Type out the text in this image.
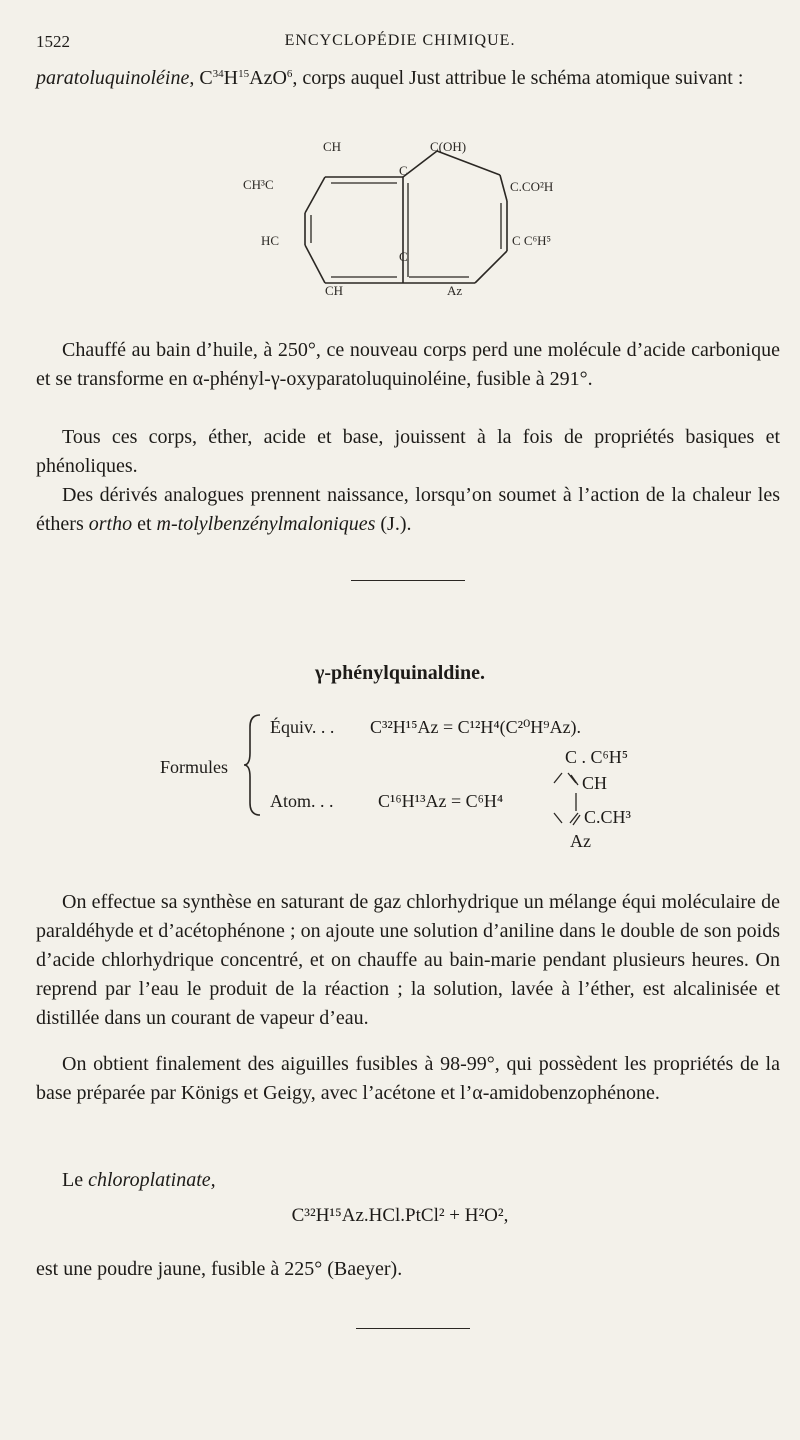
1522	ENCYCLOPÉDIE CHIMIQUE.
paratoluquinoléine, $C^{34}H^{15}AzO^6$, corps auquel Just attribue le schéma atomique suivant :
CH	C(OH)
C
CH³C
HC
C
CH	Az
C.CO²H
C C⁶H⁵
Chauffé au bain d’huile, à 250°, ce nouveau corps perd une molécule d’acide carbonique et se transforme en α-phényl-γ-oxyparatoluquinoléine, fusible à 291°.
Tous ces corps, éther, acide et base, jouissent à la fois de propriétés basiques et phénoliques.
Des dérivés analogues prennent naissance, lorsqu’on soumet à l’action de la chaleur les éthers ortho et m-tolylbenzénylmaloniques (J.).
γ-phénylquinaldine.
Formules
Équiv. . . C³²H¹⁵Az = C¹²H⁴(C²⁰H⁹Az).
C . C⁶H⁵
CH
Atom. . . C¹⁶H¹³Az = C⁶H⁴
C.CH³
Az
On effectue sa synthèse en saturant de gaz chlorhydrique un mélange équi moléculaire de paraldéhyde et d’acétophénone ; on ajoute une solution d’aniline dans le double de son poids d’acide chlorhydrique concentré, et on chauffe au bain-marie pendant plusieurs heures. On reprend par l’eau le produit de la réaction ; la solution, lavée à l’éther, est alcalinisée et distillée dans un courant de vapeur d’eau.
On obtient finalement des aiguilles fusibles à 98-99°, qui possèdent les propriétés de la base préparée par Königs et Geigy, avec l’acétone et l’α-amidobenzophénone.
Le chloroplatinate,
C³²H¹⁵Az.HCl.PtCl² + H²O²,
est une poudre jaune, fusible à 225° (Baeyer).
